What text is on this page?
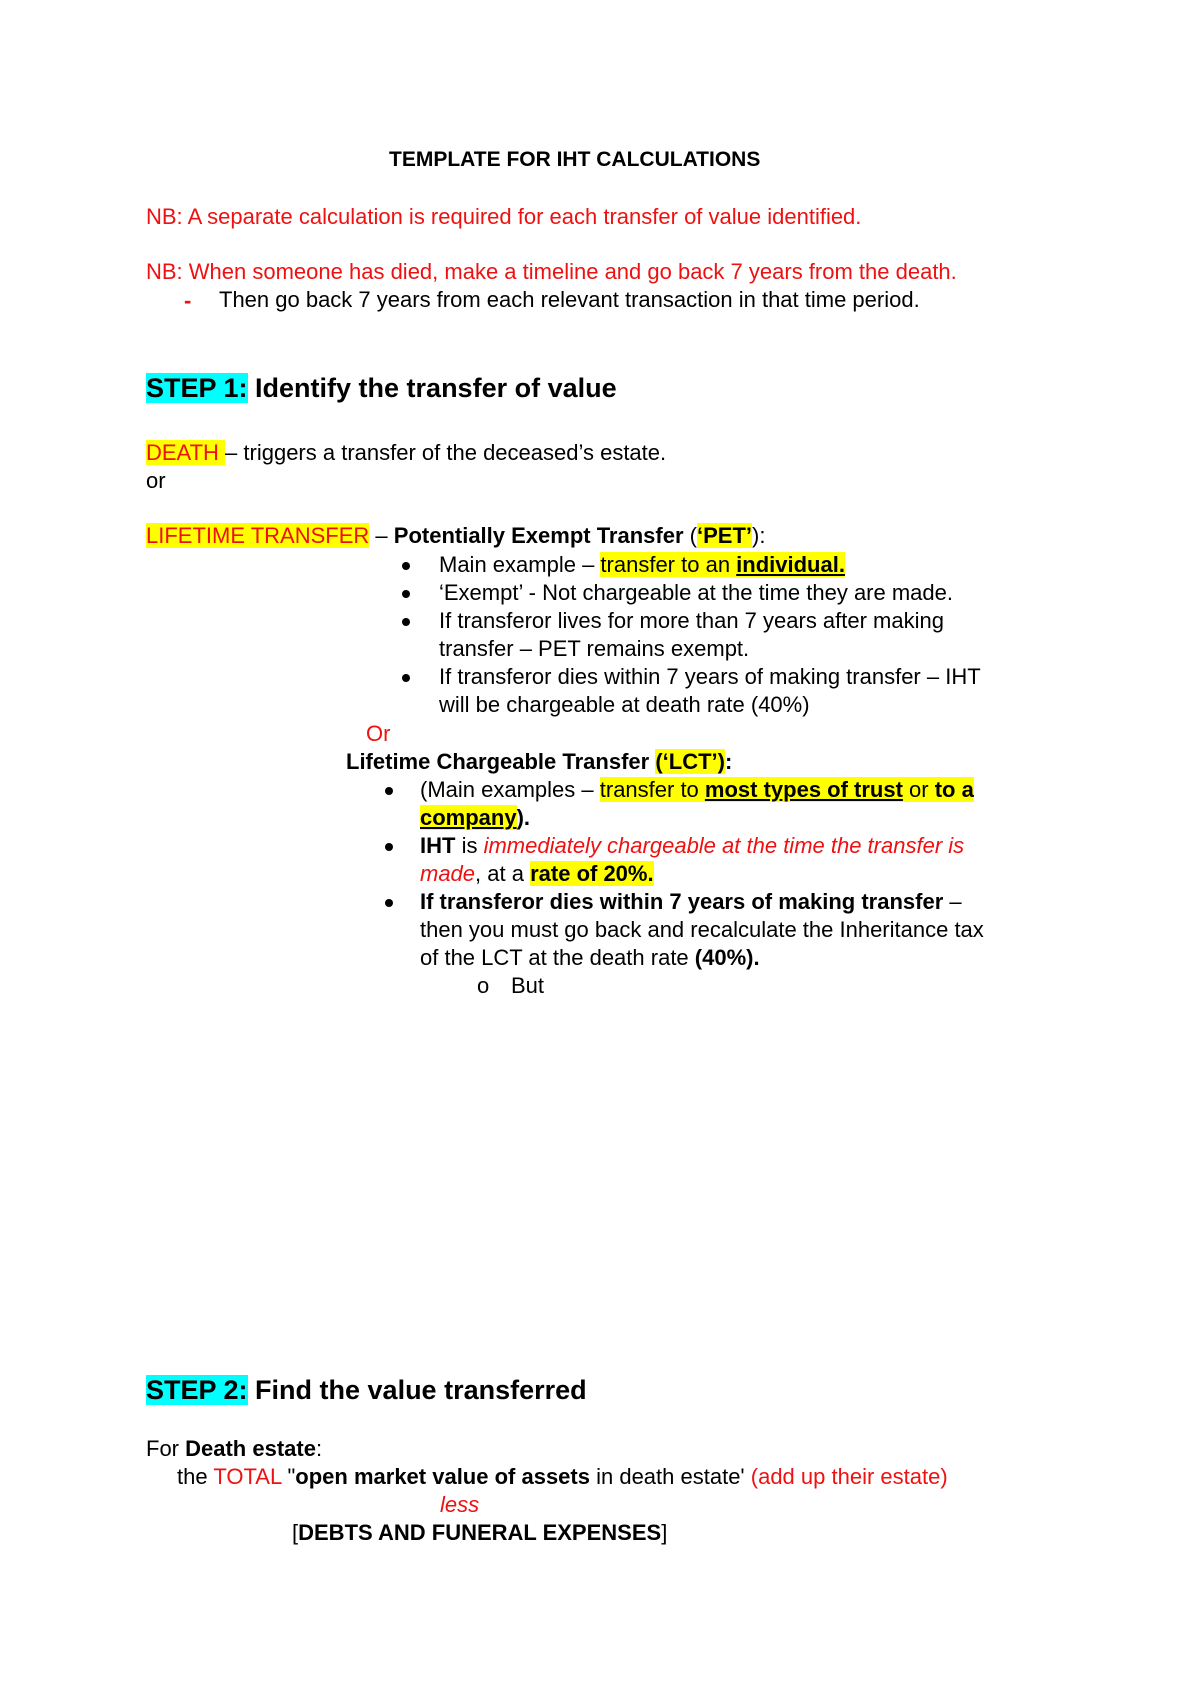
TEMPLATE FOR IHT CALCULATIONS
NB: A separate calculation is required for each transfer of value identified.
NB: When someone has died, make a timeline and go back 7 years from the death.
- Then go back 7 years from each relevant transaction in that time period.
STEP 1: Identify the transfer of value
DEATH – triggers a transfer of the deceased’s estate.
or
LIFETIME TRANSFER – Potentially Exempt Transfer (‘PET’):
Main example – transfer to an individual.
‘Exempt’ - Not chargeable at the time they are made.
If transferor lives for more than 7 years after making
transfer – PET remains exempt.
If transferor dies within 7 years of making transfer – IHT
will be chargeable at death rate (40%)
Or
Lifetime Chargeable Transfer (‘LCT’):
(Main examples – transfer to most types of trust or to a
company).
IHT is immediately chargeable at the time the transfer is
made, at a rate of 20%.
If transferor dies within 7 years of making transfer –
then you must go back and recalculate the Inheritance tax
of the LCT at the death rate (40%).
o But
STEP 2: Find the value transferred
For Death estate:
the TOTAL "open market value of assets in death estate' (add up their estate)
less
[DEBTS AND FUNERAL EXPENSES]
